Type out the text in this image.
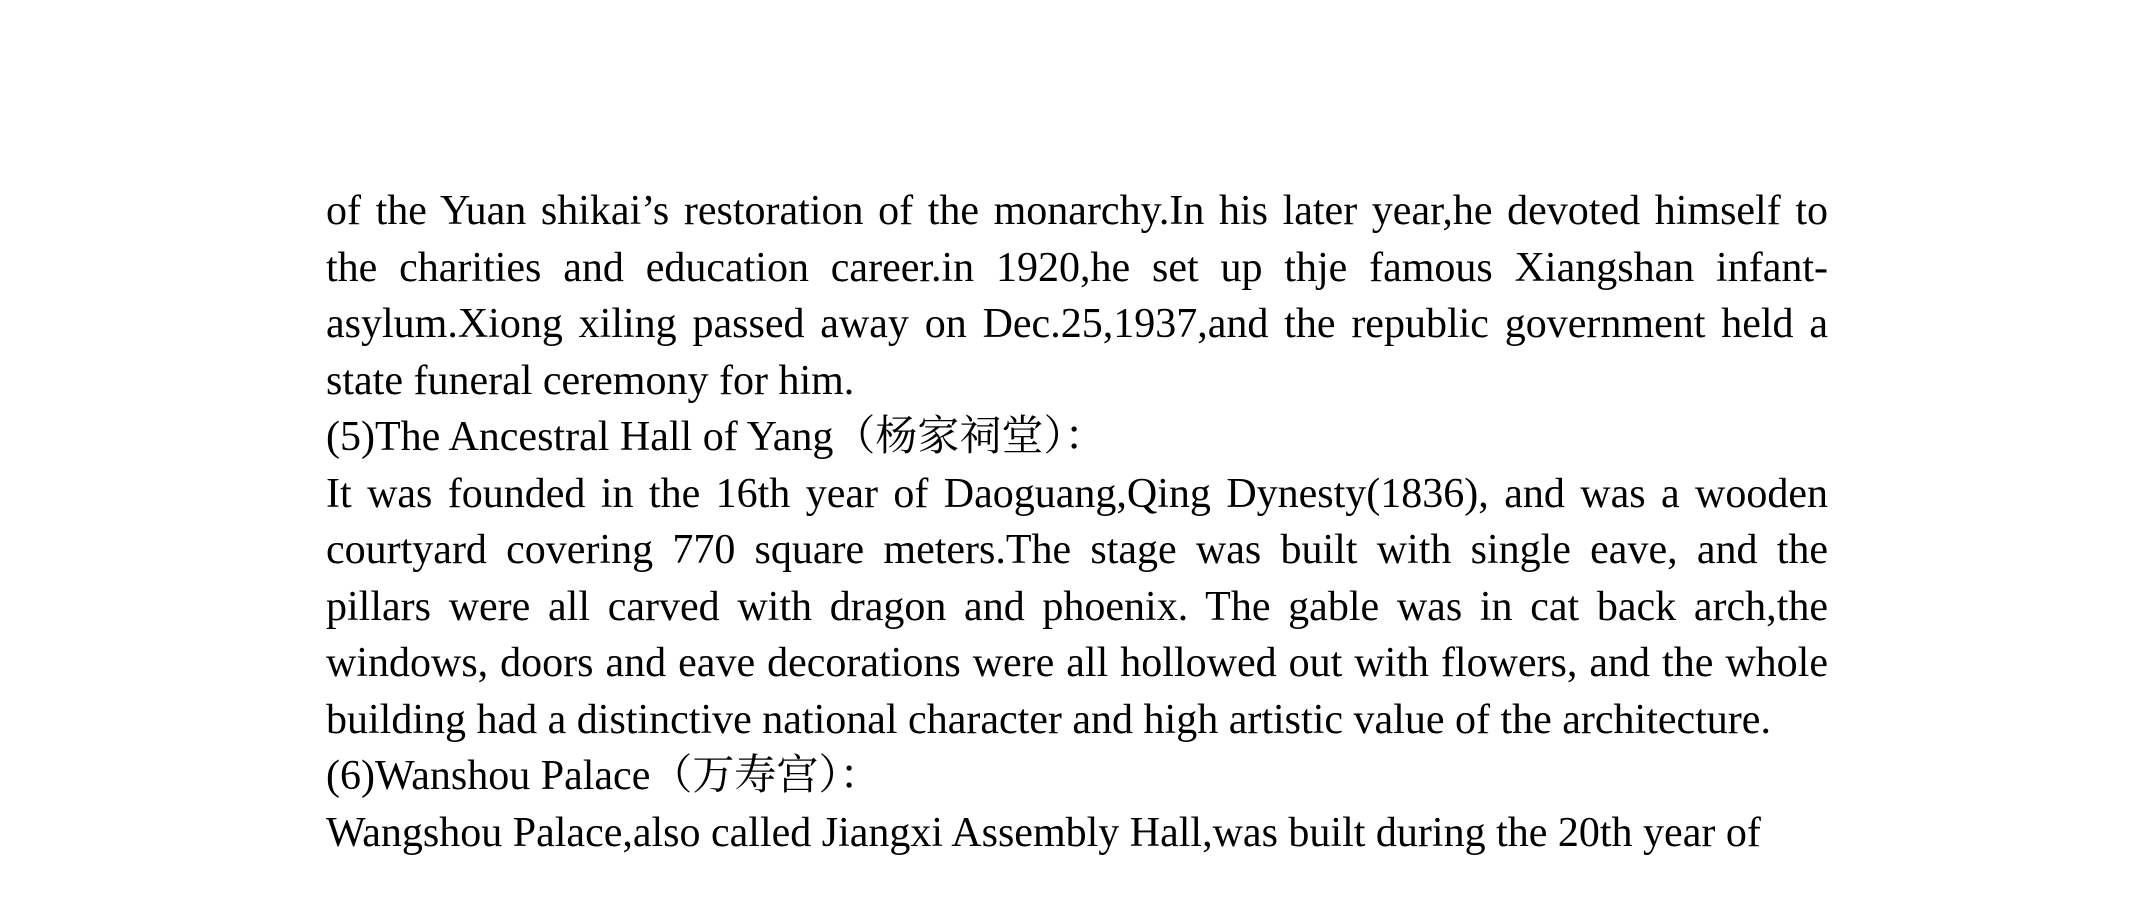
of the Yuan shikai’s restoration of the monarchy.In his later year,he devoted himself to the charities and education career.in 1920,he set up thje famous Xiangshan infant-asylum.Xiong xiling passed away on Dec.25,1937,and the republic government held a state funeral ceremony for him.

(5)The Ancestral Hall of Yang（杨家祠堂）：

It was founded in the 16th year of Daoguang,Qing Dynesty(1836), and was a wooden courtyard covering 770 square meters.The stage was built with single eave, and the pillars were all carved with dragon and phoenix. The gable was in cat back arch,the windows, doors and eave decorations were all hollowed out with flowers, and the whole building had a distinctive national character and high artistic value of the architecture.

(6)Wanshou Palace（万寿宫）：

Wangshou Palace,also called Jiangxi Assembly Hall,was built during the 20th year of
